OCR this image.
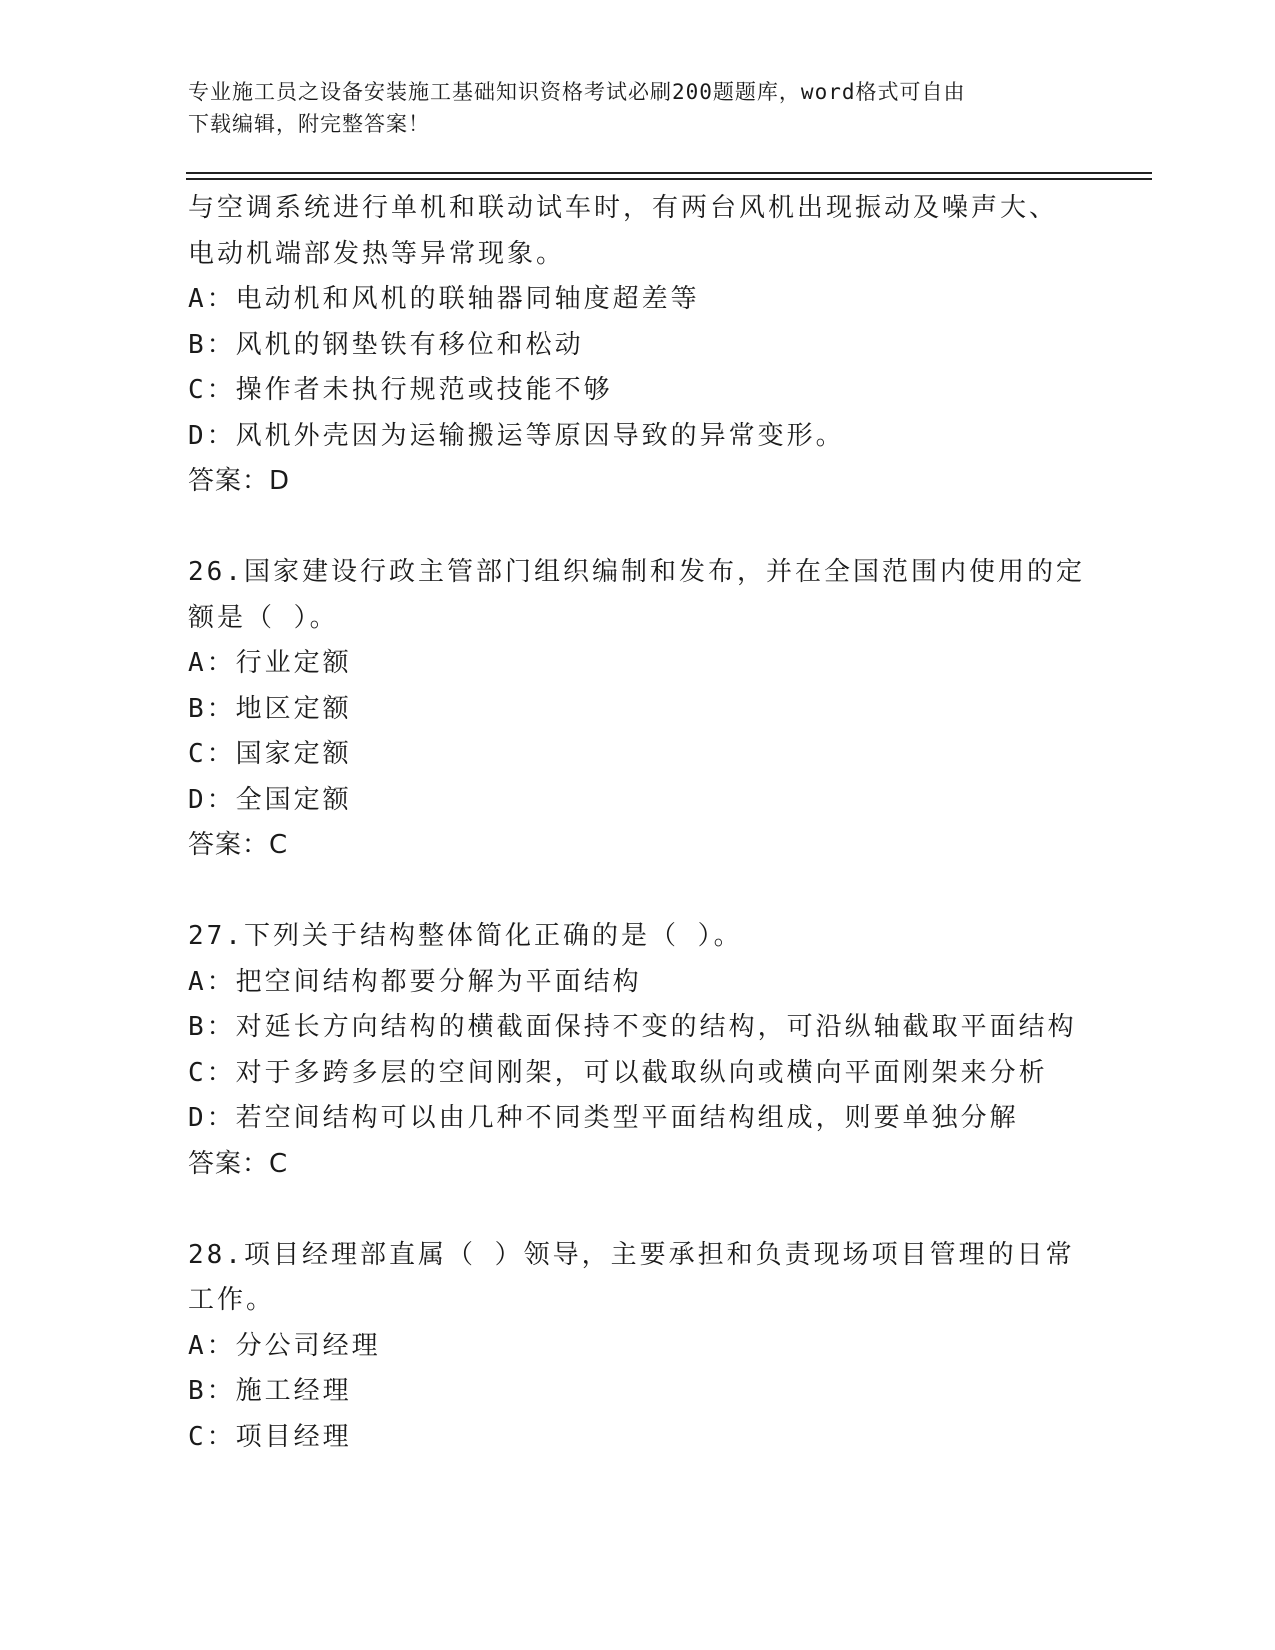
专业施工员之设备安装施工基础知识资格考试必刷200题题库，word格式可自由
下载编辑，附完整答案！
与空调系统进行单机和联动试车时，有两台风机出现振动及噪声大、
电动机端部发热等异常现象。
A：电动机和风机的联轴器同轴度超差等
B：风机的钢垫铁有移位和松动
C：操作者未执行规范或技能不够
D：风机外壳因为运输搬运等原因导致的异常变形。
答案：D
26.国家建设行政主管部门组织编制和发布，并在全国范围内使用的定
额是（ ）。
A：行业定额
B：地区定额
C：国家定额
D：全国定额
答案：C
27.下列关于结构整体简化正确的是（ ）。
A：把空间结构都要分解为平面结构
B：对延长方向结构的横截面保持不变的结构，可沿纵轴截取平面结构
C：对于多跨多层的空间刚架，可以截取纵向或横向平面刚架来分析
D：若空间结构可以由几种不同类型平面结构组成，则要单独分解
答案：C
28.项目经理部直属（ ）领导，主要承担和负责现场项目管理的日常
工作。
A：分公司经理
B：施工经理
C：项目经理
